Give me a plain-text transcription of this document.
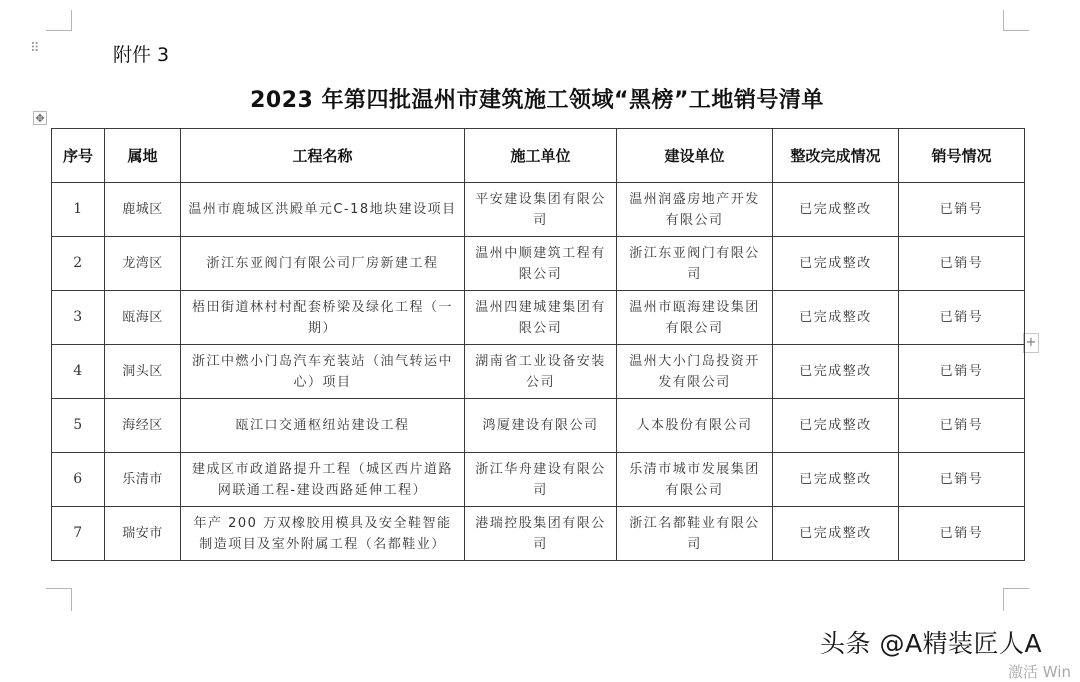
⠿
✥
+
附件 3
2023 年第四批温州市建筑施工领域“黑榜”工地销号清单
序号	属地	工程名称	施工单位	建设单位	整改完成情况	销号情况
1	鹿城区	温州市鹿城区洪殿单元C-18地块建设项目	平安建设集团有限公司	温州润盛房地产开发有限公司	已完成整改	已销号
2	龙湾区	浙江东亚阀门有限公司厂房新建工程	温州中顺建筑工程有限公司	浙江东亚阀门有限公司	已完成整改	已销号
3	瓯海区	梧田街道林村村配套桥梁及绿化工程（一期）	温州四建城建集团有限公司	温州市瓯海建设集团有限公司	已完成整改	已销号
4	洞头区	浙江中燃小门岛汽车充装站（油气转运中心）项目	湖南省工业设备安装公司	温州大小门岛投资开发有限公司	已完成整改	已销号
5	海经区	瓯江口交通枢纽站建设工程	鸿厦建设有限公司	人本股份有限公司	已完成整改	已销号
6	乐清市	建成区市政道路提升工程（城区西片道路网联通工程-建设西路延伸工程）	浙江华舟建设有限公司	乐清市城市发展集团有限公司	已完成整改	已销号
7	瑞安市	年产 200 万双橡胶用模具及安全鞋智能制造项目及室外附属工程（名都鞋业）	港瑞控股集团有限公司	浙江名都鞋业有限公司	已完成整改	已销号
头条 @A精装匠人A
激活 Win
